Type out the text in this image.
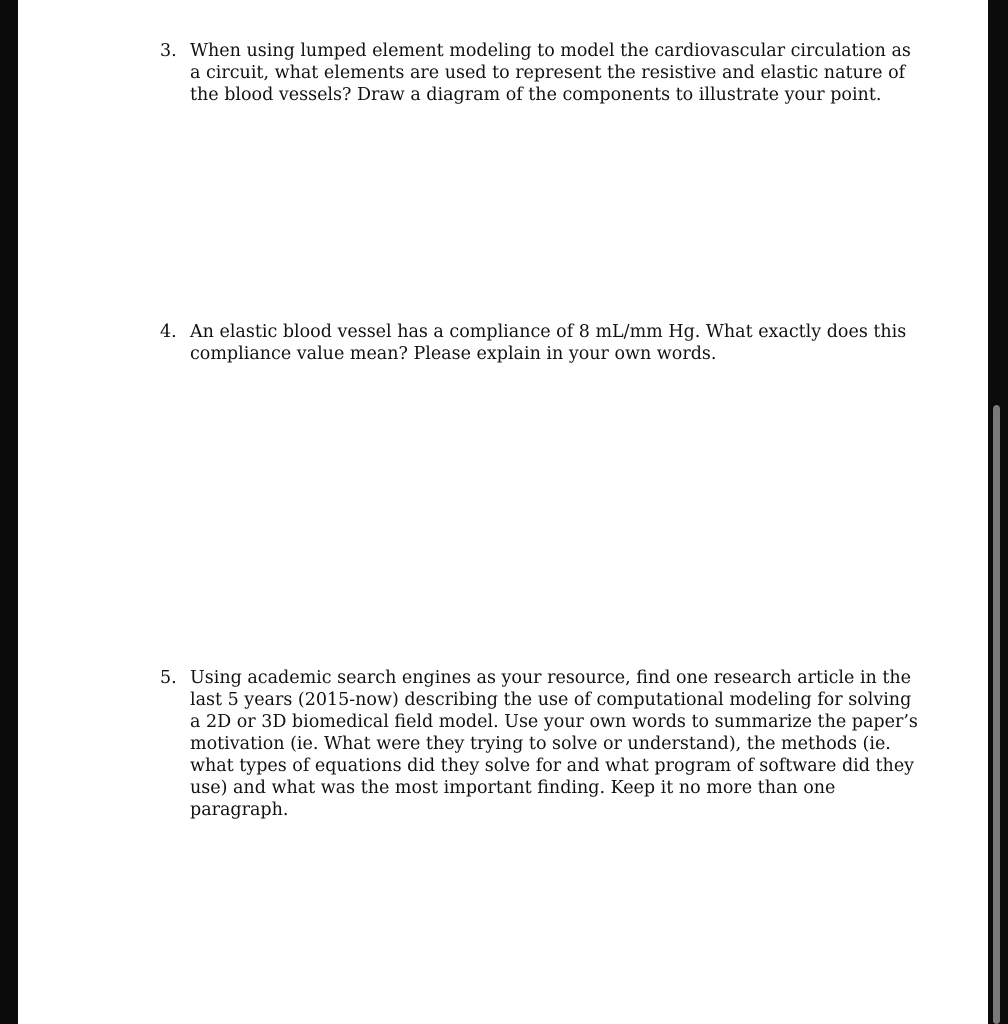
3. When using lumped element modeling to model the cardiovascular circulation as
a circuit, what elements are used to represent the resistive and elastic nature of
the blood vessels? Draw a diagram of the components to illustrate your point.
4. An elastic blood vessel has a compliance of 8 mL/mm Hg. What exactly does this
compliance value mean? Please explain in your own words.
5. Using academic search engines as your resource, find one research article in the
last 5 years (2015-now) describing the use of computational modeling for solving
a 2D or 3D biomedical field model. Use your own words to summarize the paper’s
motivation (ie. What were they trying to solve or understand), the methods (ie.
what types of equations did they solve for and what program of software did they
use) and what was the most important finding. Keep it no more than one
paragraph.
